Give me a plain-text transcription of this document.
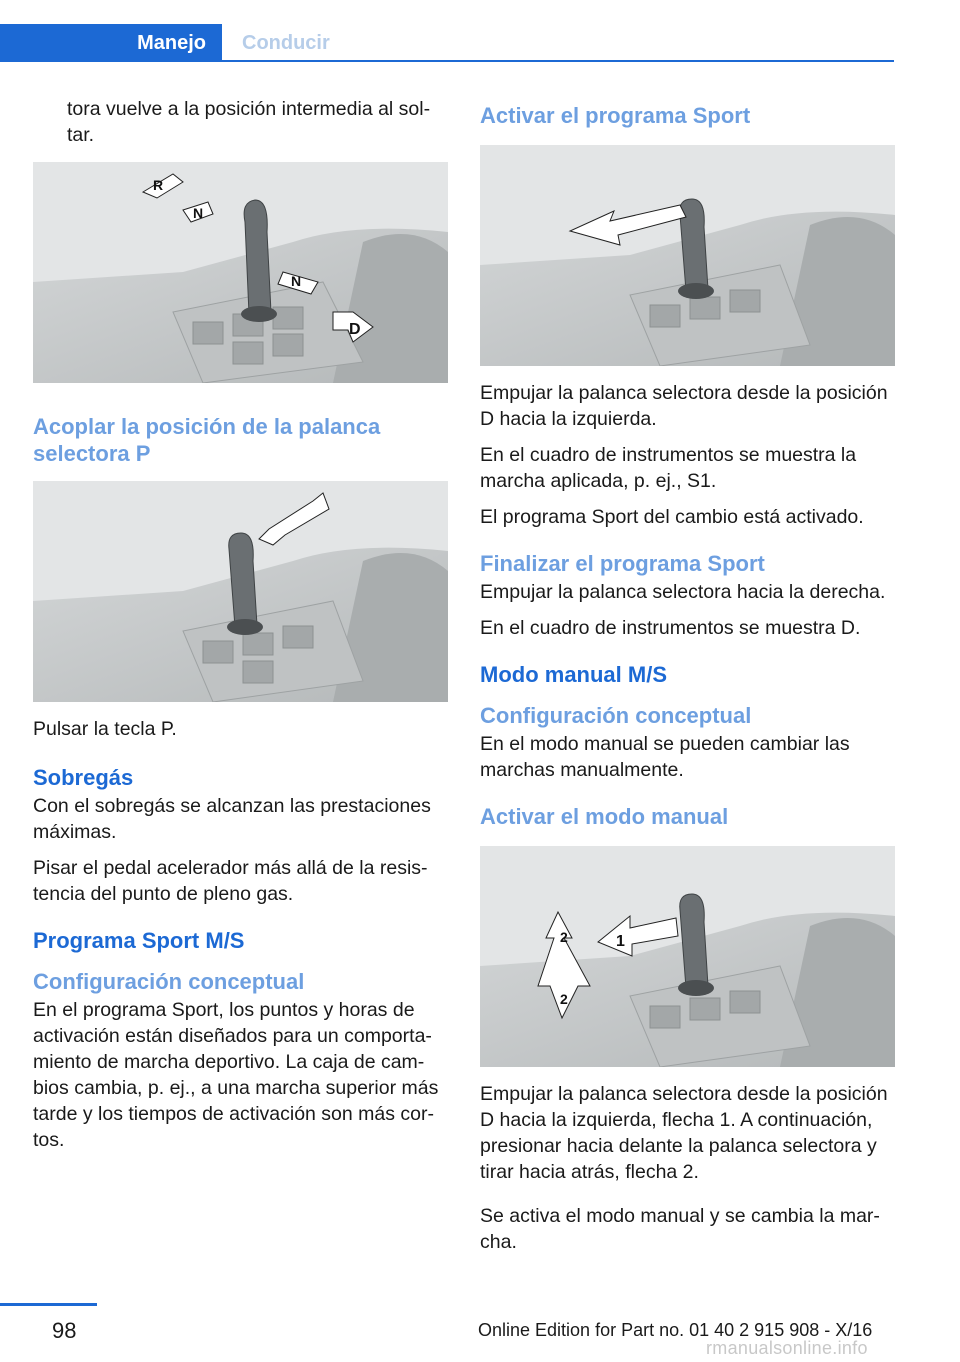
Manejo	Conducir

tora vuelve a la posición intermedia al sol-
tar.

R
N
N
D
Acoplar la posición de la palanca selectora P

Pulsar la tecla P.

Sobregás

Con el sobregás se alcanzan las prestaciones máximas.

Pisar el pedal acelerador más allá de la resis-tencia del punto de pleno gas.

Programa Sport M/S
Configuración conceptual

En el programa Sport, los puntos y horas de activación están diseñados para un comporta-miento de marcha deportivo. La caja de cam-bios cambia, p. ej., a una marcha superior más tarde y los tiempos de activación son más cor-tos.

Activar el programa Sport

Empujar la palanca selectora desde la posición D hacia la izquierda.

En el cuadro de instrumentos se muestra la marcha aplicada, p. ej., S1.

El programa Sport del cambio está activado.

Finalizar el programa Sport

Empujar la palanca selectora hacia la derecha.

En el cuadro de instrumentos se muestra D.

Modo manual M/S
Configuración conceptual

En el modo manual se pueden cambiar las marchas manualmente.

Activar el modo manual
1
2
2

Empujar la palanca selectora desde la posición D hacia la izquierda, flecha 1. A continuación, presionar hacia delante la palanca selectora y tirar hacia atrás, flecha 2.

Se activa el modo manual y se cambia la mar-cha.

98	Online Edition for Part no. 01 40 2 915 908 - X/16
rmanualsonline.info
